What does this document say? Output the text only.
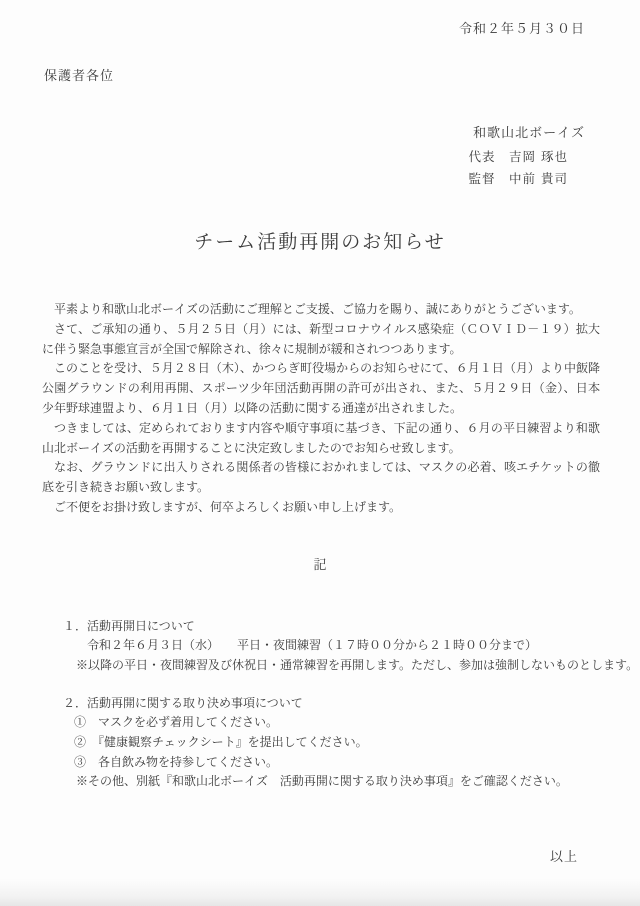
令和２年５月３０日
保護者各位
和歌山北ボーイズ
代表　吉岡 琢也
監督　中前 貴司
チーム活動再開のお知らせ

平素より和歌山北ボーイズの活動にご理解とご支援、ご協力を賜り、誠にありがとうございます。

さて、ご承知の通り、５月２５日（月）には、新型コロナウイルス感染症（ＣＯＶＩＤ－１９）拡大に伴う緊急事態宣言が全国で解除され、徐々に規制が緩和されつつあります。

このことを受け、５月２８日（木）、かつらぎ町役場からのお知らせにて、６月１日（月）より中飯降公園グラウンドの利用再開、スポーツ少年団活動再開の許可が出され、また、５月２９日（金）、日本少年野球連盟より、６月１日（月）以降の活動に関する通達が出されました。

つきましては、定められております内容や順守事項に基づき、下記の通り、６月の平日練習より和歌山北ボーイズの活動を再開することに決定致しましたのでお知らせ致します。

なお、グラウンドに出入りされる関係者の皆様におかれましては、マスクの必着、咳エチケットの徹底を引き続きお願い致します。

ご不便をお掛け致しますが、何卒よろしくお願い申し上げます。

記
１．活動再開日について
令和２年６月３日（水）　　平日・夜間練習（１７時００分から２１時００分まで）
※以降の平日・夜間練習及び休祝日・通常練習を再開します。ただし、参加は強制しないものとします。
２．活動再開に関する取り決め事項について
①　マスクを必ず着用してください。
②　『健康観察チェックシート』を提出してください。
③　各自飲み物を持参してください。
※その他、別紙『和歌山北ボーイズ　活動再開に関する取り決め事項』をご確認ください。
以上
